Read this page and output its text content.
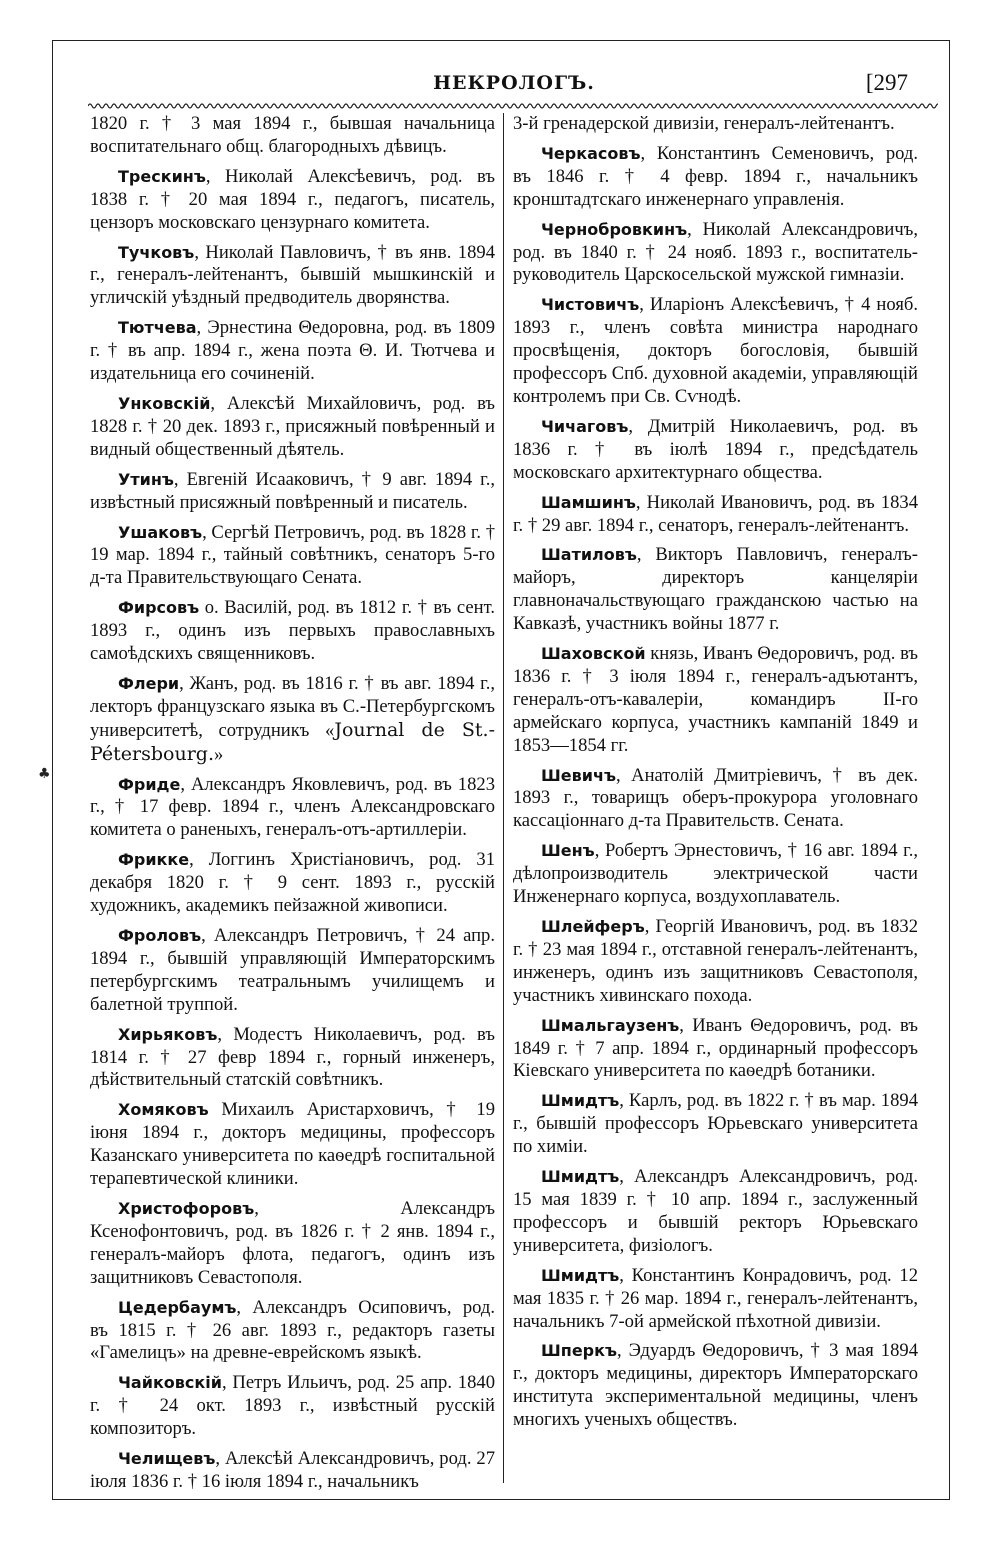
НЕКРОЛОГЪ.	[297
♣

1820 г. † 3 мая 1894 г., бывшая начальница воспитательнаго общ. благородныхъ дѣвицъ.

Трескинъ, Николай Алексѣевичъ, род. въ 1838 г. † 20 мая 1894 г., педагогъ, писатель, цензоръ московскаго цензурнаго комитета.

Тучковъ, Николай Павловичъ, † въ янв. 1894 г., генералъ-лейтенантъ, бывшій мышкинскій и угличскій уѣздный предводитель дворянства.

Тютчева, Эрнестина Θедоровна, род. въ 1809 г. † въ апр. 1894 г., жена поэта Θ. И. Тютчева и издательница его сочиненій.

Унковскій, Алексѣй Михайловичъ, род. въ 1828 г. † 20 дек. 1893 г., присяжный повѣренный и видный общественный дѣятель.

Утинъ, Евгеній Исааковичъ, † 9 авг. 1894 г., извѣстный присяжный повѣренный и писатель.

Ушаковъ, Сергѣй Петровичъ, род. въ 1828 г. † 19 мар. 1894 г., тайный совѣтникъ, сенаторъ 5-го д-та Правительствующаго Сената.

Фирсовъ о. Василій, род. въ 1812 г. † въ сент. 1893 г., одинъ изъ первыхъ православныхъ самоѣдскихъ священниковъ.

Флери, Жанъ, род. въ 1816 г. † въ авг. 1894 г., лекторъ французскаго языка въ С.-Петербургскомъ университетѣ, сотрудникъ «Journal de St.-Pétersbourg.»

Фриде, Александръ Яковлевичъ, род. въ 1823 г., † 17 февр. 1894 г., членъ Александровскаго комитета о раненыхъ, генералъ-отъ-артиллеріи.

Фрикке, Логгинъ Христіановичъ, род. 31 декабря 1820 г. † 9 сент. 1893 г., русскій художникъ, академикъ пейзажной живописи.

Фроловъ, Александръ Петровичъ, † 24 апр. 1894 г., бывшій управляющій Императорскимъ петербургскимъ театральнымъ училищемъ и балетной труппой.

Хирьяковъ, Модестъ Николаевичъ, род. въ 1814 г. † 27 февр 1894 г., горный инженеръ, дѣйствительный статскій совѣтникъ.

Хомяковъ Михаилъ Аристарховичъ, † 19 іюня 1894 г., докторъ медицины, профессоръ Казанскаго университета по каѳедрѣ госпитальной терапевтической клиники.

Христофоровъ, Александръ Ксенофонтовичъ, род. въ 1826 г. † 2 янв. 1894 г., генералъ-майоръ флота, педагогъ, одинъ изъ защитниковъ Севастополя.

Цедербаумъ, Александръ Осиповичъ, род. въ 1815 г. † 26 авг. 1893 г., редакторъ газеты «Гамелицъ» на древне-еврейскомъ языкѣ.

Чайковскій, Петръ Ильичъ, род. 25 апр. 1840 г. † 24 окт. 1893 г., извѣстный русскій композиторъ.

Челищевъ, Алексѣй Александровичъ, род. 27 іюля 1836 г. † 16 іюля 1894 г., начальникъ

3-й гренадерской дивизіи, генералъ-лейтенантъ.

Черкасовъ, Константинъ Семеновичъ, род. въ 1846 г. † 4 февр. 1894 г., начальникъ кронштадтскаго инженернаго управленія.

Чернобровкинъ, Николай Александровичъ, род. въ 1840 г. † 24 нояб. 1893 г., воспитатель-руководитель Царскосельской мужской гимназіи.

Чистовичъ, Иларіонъ Алексѣевичъ, † 4 нояб. 1893 г., членъ совѣта министра народнаго просвѣщенія, докторъ богословія, бывшій профессоръ Спб. духовной академіи, управляющій контролемъ при Св. Сѵнодѣ.

Чичаговъ, Дмитрій Николаевичъ, род. въ 1836 г. † въ іюлѣ 1894 г., предсѣдатель московскаго архитектурнаго общества.

Шамшинъ, Николай Ивановичъ, род. въ 1834 г. † 29 авг. 1894 г., сенаторъ, генералъ-лейтенантъ.

Шатиловъ, Викторъ Павловичъ, генералъ-майоръ, директоръ канцеляріи главноначальствующаго гражданскою частью на Кавказѣ, участникъ войны 1877 г.

Шаховской князь, Иванъ Θедоровичъ, род. въ 1836 г. † 3 іюля 1894 г., генералъ-адъютантъ, генералъ-отъ-кавалеріи, командиръ II-го армейскаго корпуса, участникъ кампаній 1849 и 1853—1854 гг.

Шевичъ, Анатолій Дмитріевичъ, † въ дек. 1893 г., товарищъ оберъ-прокурора уголовнаго кассаціоннаго д-та Правительств. Сената.

Шенъ, Робертъ Эрнестовичъ, † 16 авг. 1894 г., дѣлопроизводитель электрической части Инженернаго корпуса, воздухоплаватель.

Шлейферъ, Георгій Ивановичъ, род. въ 1832 г. † 23 мая 1894 г., отставной генералъ-лейтенантъ, инженеръ, одинъ изъ защитниковъ Севастополя, участникъ хивинскаго похода.

Шмальгаузенъ, Иванъ Θедоровичъ, род. въ 1849 г. † 7 апр. 1894 г., ординарный профессоръ Кіевскаго университета по каѳедрѣ ботаники.

Шмидтъ, Карлъ, род. въ 1822 г. † въ мар. 1894 г., бывшій профессоръ Юрьевскаго университета по химіи.

Шмидтъ, Александръ Александровичъ, род. 15 мая 1839 г. † 10 апр. 1894 г., заслуженный профессоръ и бывшій ректоръ Юрьевскаго университета, физіологъ.

Шмидтъ, Константинъ Конрадовичъ, род. 12 мая 1835 г. † 26 мар. 1894 г., генералъ-лейтенантъ, начальникъ 7-ой армейской пѣхотной дивизіи.

Шперкъ, Эдуардъ Θедоровичъ, † 3 мая 1894 г., докторъ медицины, директоръ Императорскаго института экспериментальной медицины, членъ многихъ ученыхъ обществъ.
